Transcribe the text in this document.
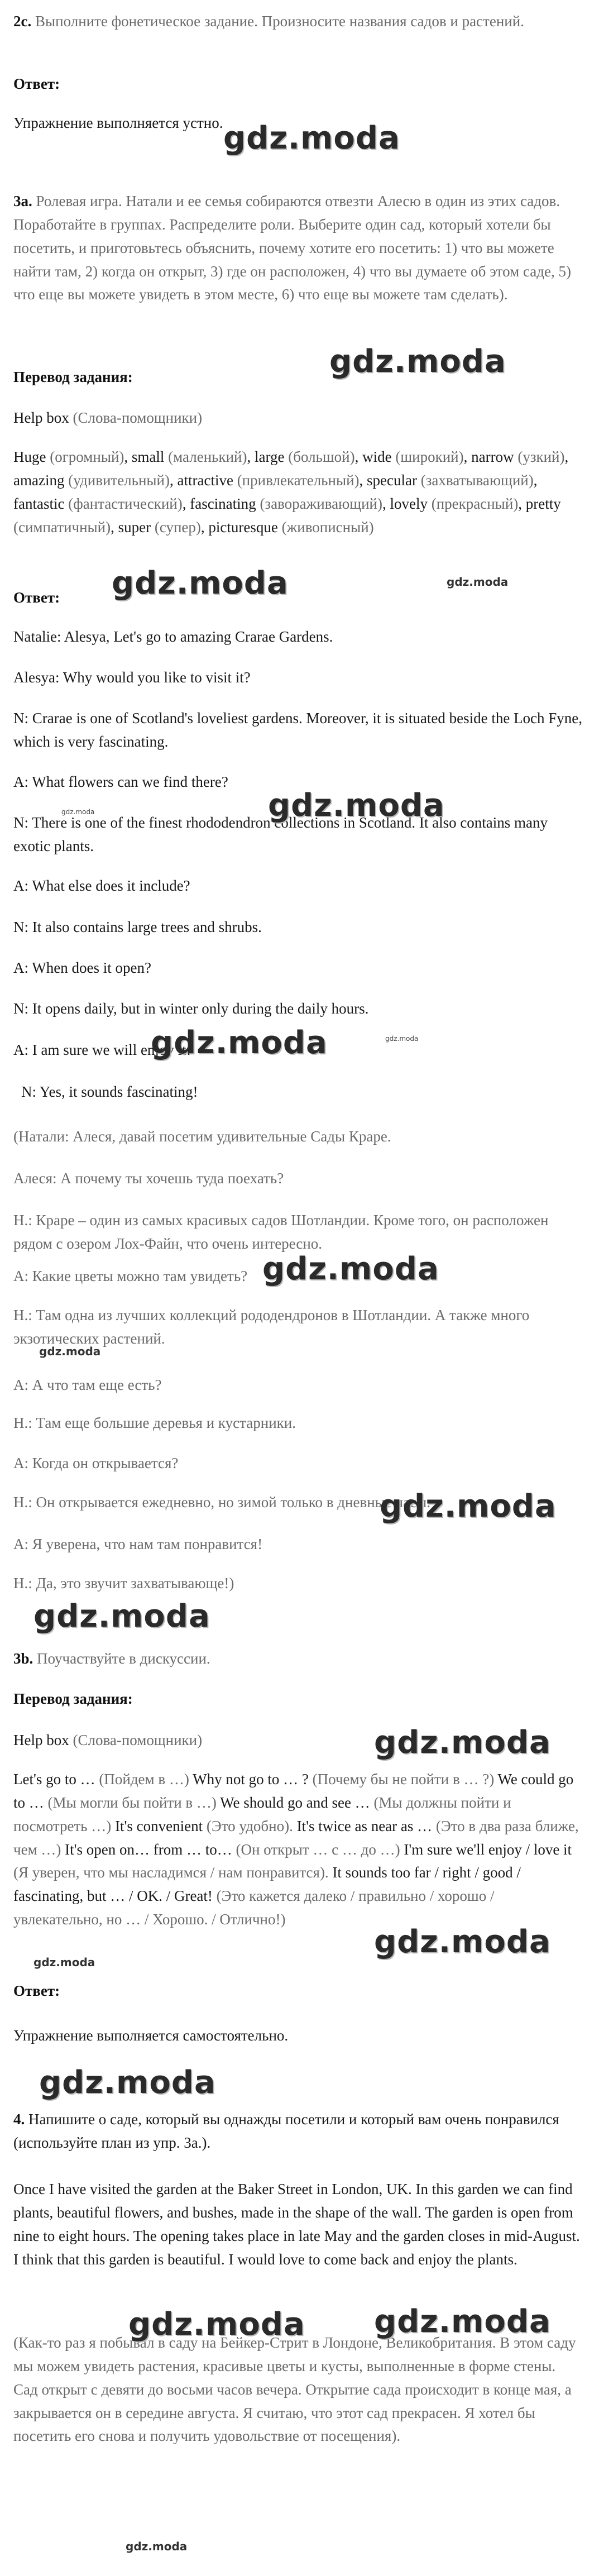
2c. Выполните фонетическое задание. Произносите названия садов и растений.

Ответ:

Упражнение выполняется устно.

3a. Ролевая игра. Натали и ее семья собираются отвезти Алесю в один из этих садов. Поработайте в группах. Распределите роли. Выберите один сад, который хотели бы посетить, и приготовьтесь объяснить, почему хотите его посетить: 1) что вы можете найти там, 2) когда он открыт, 3) где он расположен, 4) что вы думаете об этом саде, 5) что еще вы можете увидеть в этом месте, 6) что еще вы можете там сделать).

Перевод задания:

Help box (Слова-помощники)

Huge (огромный), small (маленький), large (большой), wide (широкий), narrow (узкий), amazing (удивительный), attractive (привлекательный), specular (захватывающий), fantastic (фантастический), fascinating (завораживающий), lovely (прекрасный), pretty (симпатичный), super (супер), picturesque (живописный)

Ответ:

Natalie: Alesya, Let's go to amazing Crarae Gardens.

Alesya: Why would you like to visit it?

N: Crarae is one of Scotland's loveliest gardens. Moreover, it is situated beside the Loch Fyne, which is very fascinating.

A: What flowers can we find there?

N: There is one of the finest rhododendron collections in Scotland. It also contains many exotic plants.

A: What else does it include?

N: It also contains large trees and shrubs.

A: When does it open?

N: It opens daily, but in winter only during the daily hours.

A: I am sure we will enjoy it!

N: Yes, it sounds fascinating!

(Натали: Алеся, давай посетим удивительные Сады Краре.

Алеся: А почему ты хочешь туда поехать?

Н.: Краре – один из самых красивых садов Шотландии. Кроме того, он расположен рядом с озером Лох-Файн, что очень интересно.

А: Какие цветы можно там увидеть?

Н.: Там одна из лучших коллекций рододендронов в Шотландии. А также много экзотических растений.

А: А что там еще есть?

Н.: Там еще большие деревья и кустарники.

А: Когда он открывается?

Н.: Он открывается ежедневно, но зимой только в дневные часы.

А: Я уверена, что нам там понравится!

Н.: Да, это звучит захватывающе!)

3b. Поучаствуйте в дискуссии.

Перевод задания:

Help box (Слова-помощники)

Let's go to … (Пойдем в …) Why not go to … ? (Почему бы не пойти в … ?) We could go to … (Мы могли бы пойти в …) We should go and see … (Мы должны пойти и посмотреть …) It's convenient (Это удобно). It's twice as near as … (Это в два раза ближе, чем …) It's open on… from … to… (Он открыт … с … до …) I'm sure we'll enjoy / love it (Я уверен, что мы насладимся / нам понравится). It sounds too far / right / good / fascinating, but … / OK. / Great! (Это кажется далеко / правильно / хорошо / увлекательно, но … / Хорошо. / Отлично!)

Ответ:

Упражнение выполняется самостоятельно.

4. Напишите о саде, который вы однажды посетили и который вам очень понравился (используйте план из упр. 3a.).

Once I have visited the garden at the Baker Street in London, UK. In this garden we can find plants, beautiful flowers, and bushes, made in the shape of the wall. The garden is open from nine to eight hours. The opening takes place in late May and the garden closes in mid-August. I think that this garden is beautiful. I would love to come back and enjoy the plants.

(Как-то раз я побывал в саду на Бейкер-Стрит в Лондоне, Великобритания. В этом саду мы можем увидеть растения, красивые цветы и кусты, выполненные в форме стены. Сад открыт с девяти до восьми часов вечера. Открытие сада происходит в конце мая, а закрывается он в середине августа. Я считаю, что этот сад прекрасен. Я хотел бы посетить его снова и получить удовольствие от посещения).

gdz.moda
gdz.moda
gdz.moda	gdz.moda
gdz.moda
gdz.moda
gdz.moda	gdz.moda
gdz.moda
gdz.moda
gdz.moda
gdz.moda
gdz.moda
gdz.moda
gdz.moda
gdz.moda
gdz.moda
gdz.moda
gdz.moda
